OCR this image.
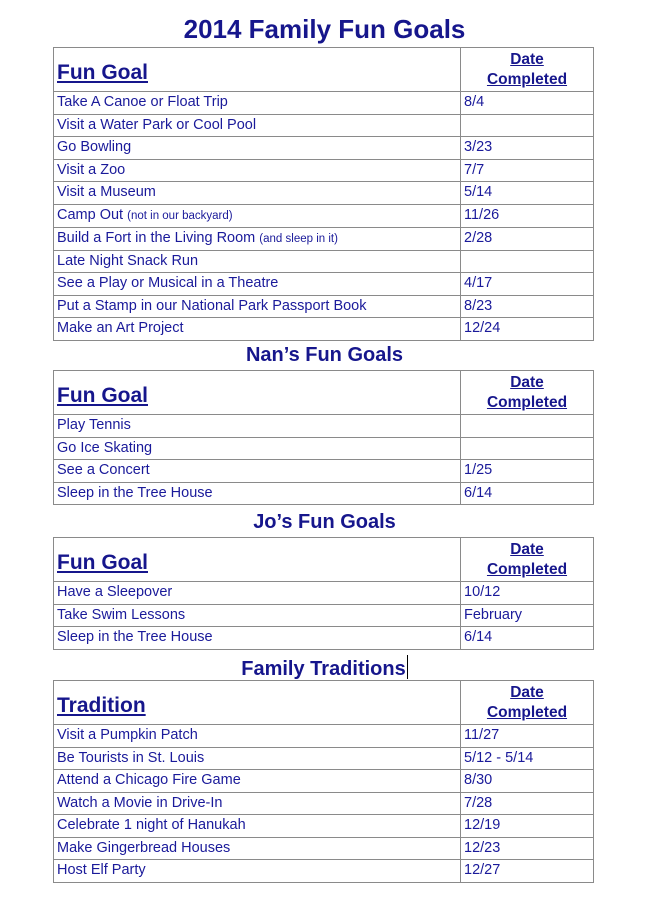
2014 Family Fun Goals
Fun Goal	Date
Completed
Take A Canoe or Float Trip	8/4
Visit a Water Park or Cool Pool	
Go Bowling	3/23
Visit a Zoo	7/7
Visit a Museum	5/14
Camp Out (not in our backyard)	11/26
Build a Fort in the Living Room (and sleep in it)	2/28
Late Night Snack Run	
See a Play or Musical in a Theatre	4/17
Put a Stamp in our National Park Passport Book	8/23
Make an Art Project	12/24
Nan’s Fun Goals
Fun Goal	Date
Completed
Play Tennis	
Go Ice Skating	
See a Concert	1/25
Sleep in the Tree House	6/14
Jo’s Fun Goals
Fun Goal	Date
Completed
Have a Sleepover	10/12
Take Swim Lessons	February
Sleep in the Tree House	6/14
Family Traditions
Tradition	Date
Completed
Visit a Pumpkin Patch	11/27
Be Tourists in St. Louis	5/12 - 5/14
Attend a Chicago Fire Game	8/30
Watch a Movie in Drive-In	7/28
Celebrate 1 night of Hanukah	12/19
Make Gingerbread Houses	12/23
Host Elf Party	12/27
